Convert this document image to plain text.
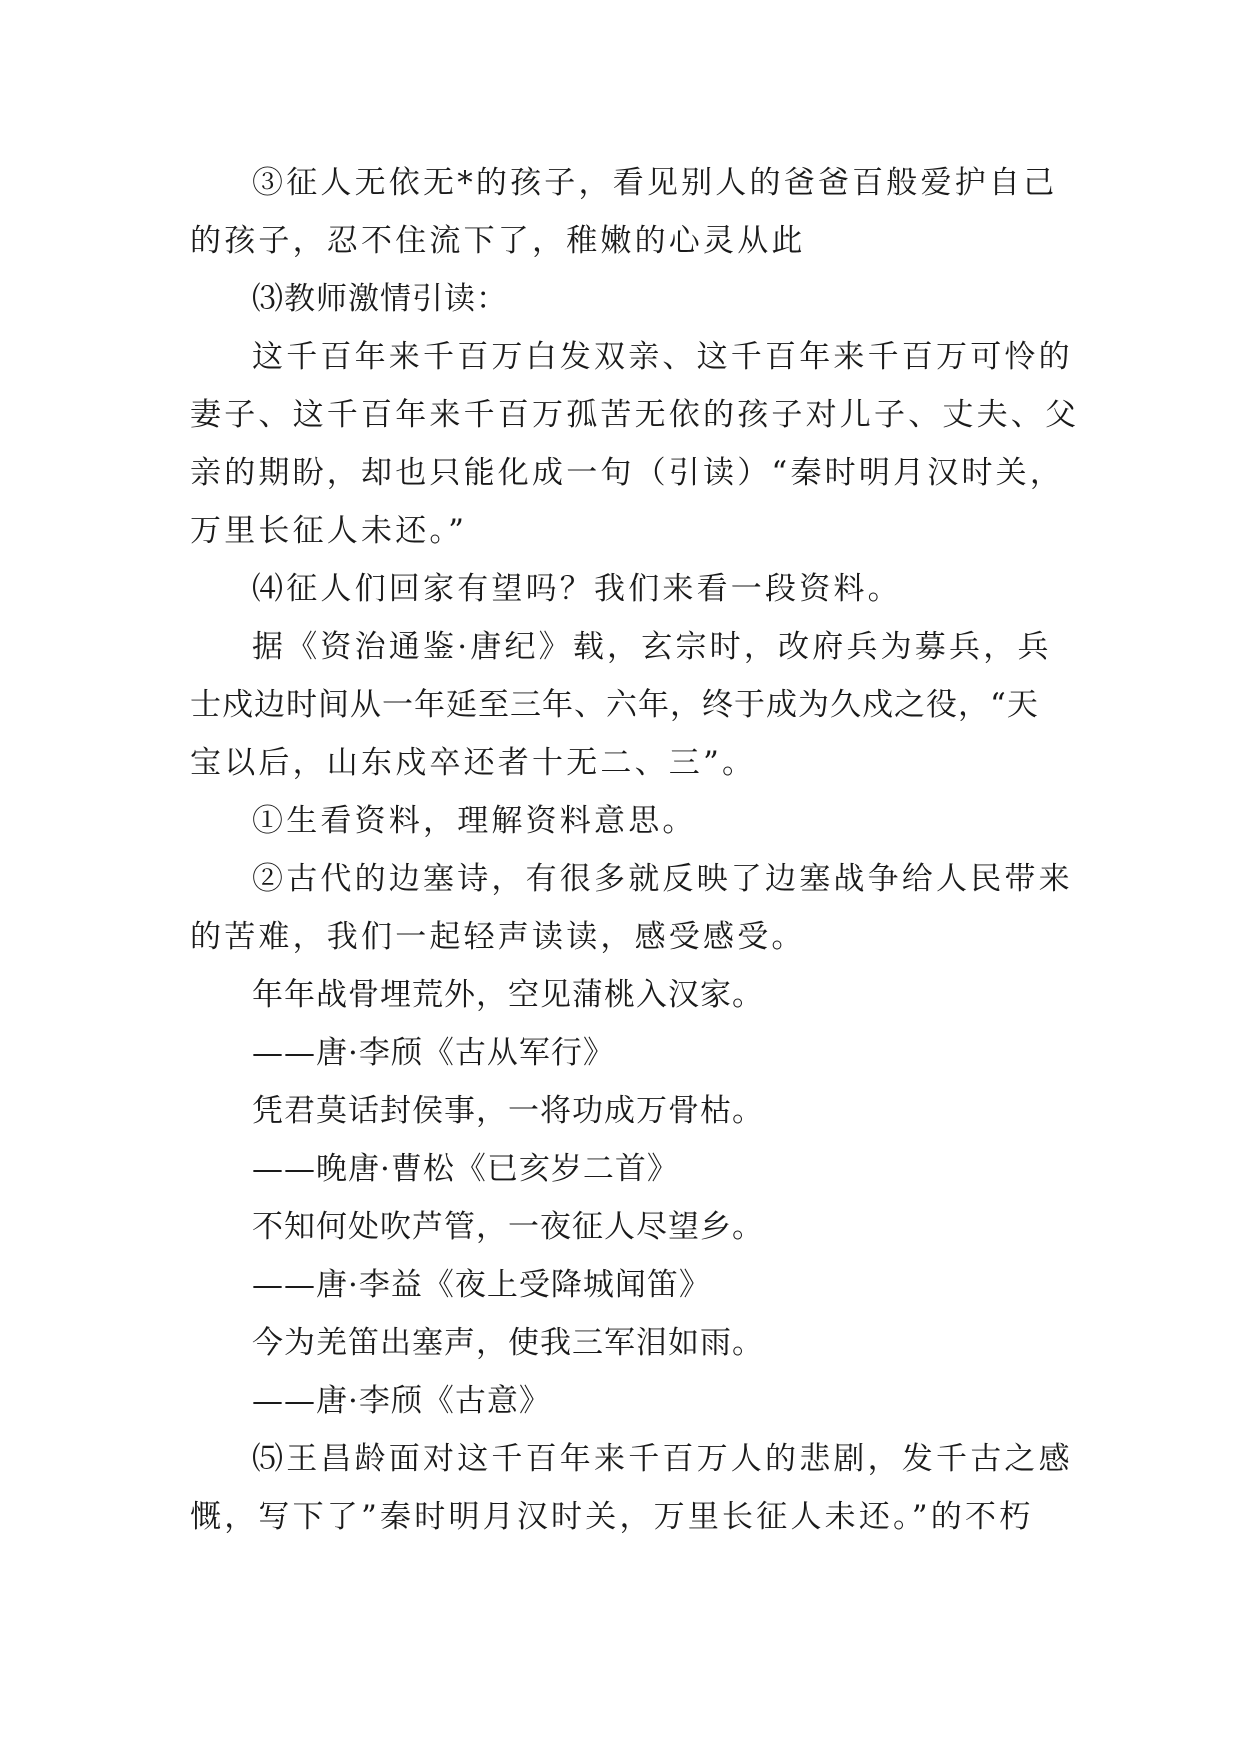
③征人无依无*的孩子，看见别人的爸爸百般爱护自己
的孩子，忍不住流下了，稚嫩的心灵从此
⑶教师激情引读：
这千百年来千百万白发双亲、这千百年来千百万可怜的
妻子、这千百年来千百万孤苦无依的孩子对儿子、丈夫、父
亲的期盼，却也只能化成一句（引读）“秦时明月汉时关，
万里长征人未还。”
⑷征人们回家有望吗？我们来看一段资料。
据《资治通鉴·唐纪》载，玄宗时，改府兵为募兵，兵
士戍边时间从一年延至三年、六年，终于成为久戍之役，“天
宝以后，山东戍卒还者十无二、三”。
①生看资料，理解资料意思。
②古代的边塞诗，有很多就反映了边塞战争给人民带来
的苦难，我们一起轻声读读，感受感受。
年年战骨埋荒外，空见蒲桃入汉家。
——唐·李颀《古从军行》
凭君莫话封侯事，一将功成万骨枯。
——晚唐·曹松《已亥岁二首》
不知何处吹芦管，一夜征人尽望乡。
——唐·李益《夜上受降城闻笛》
今为羌笛出塞声，使我三军泪如雨。
——唐·李颀《古意》
⑸王昌龄面对这千百年来千百万人的悲剧，发千古之感
慨，写下了”秦时明月汉时关，万里长征人未还。”的不朽
